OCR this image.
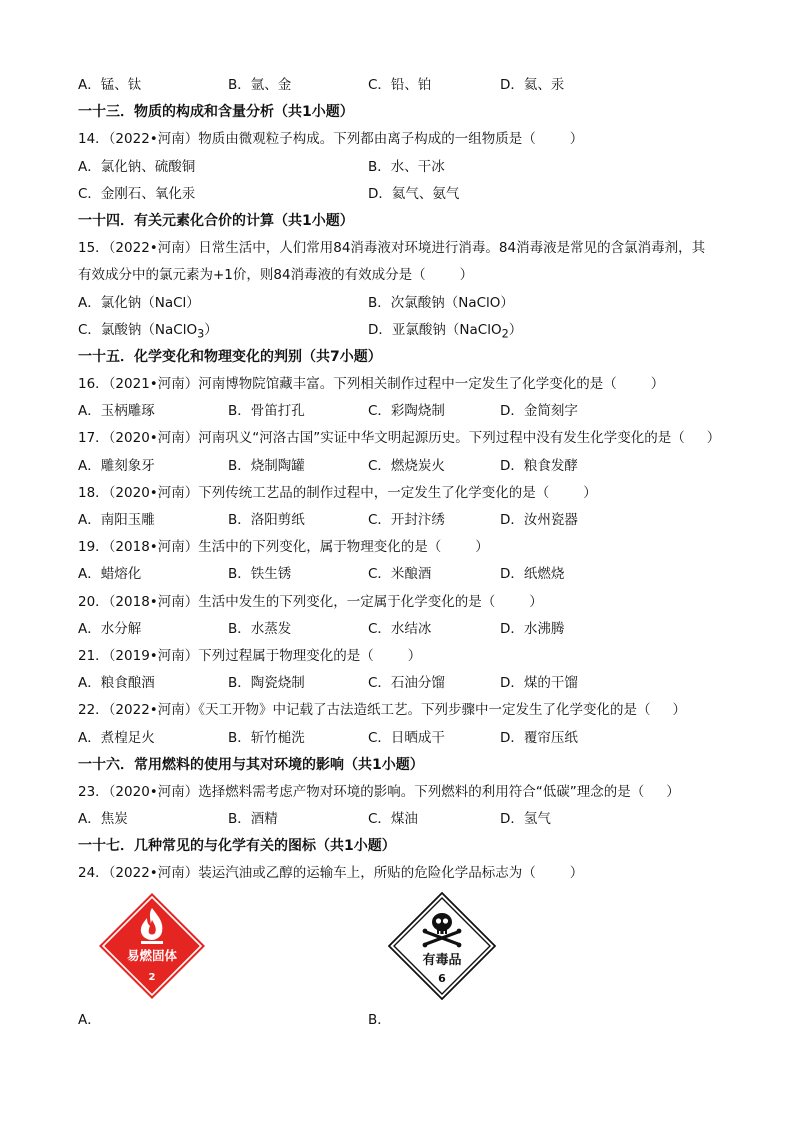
A．锰、钛	B．氩、金	C．铅、铂	D．氦、汞
一十三．物质的构成和含量分析（共1小题）
14．（2022•河南）物质由微观粒子构成。下列都由离子构成的一组物质是（	）
A．氯化钠、硫酸铜	B．水、干冰
C．金刚石、氧化汞	D．氦气、氨气
一十四．有关元素化合价的计算（共1小题）
15．（2022•河南）日常生活中，人们常用84消毒液对环境进行消毒。84消毒液是常见的含氯消毒剂，其
有效成分中的氯元素为+1价，则84消毒液的有效成分是（	）
A．氯化钠（NaCl）	B．次氯酸钠（NaClO）
C．氯酸钠（NaClO$_3$）	D．亚氯酸钠（NaClO$_2$）
一十五．化学变化和物理变化的判别（共7小题）
16．（2021•河南）河南博物院馆藏丰富。下列相关制作过程中一定发生了化学变化的是（	）
A．玉柄雕琢	B．骨笛打孔	C．彩陶烧制	D．金简刻字
17．（2020•河南）河南巩义“河洛古国”实证中华文明起源历史。下列过程中没有发生化学变化的是（ ）
A．雕刻象牙	B．烧制陶罐	C．燃烧炭火	D．粮食发酵
18．（2020•河南）下列传统工艺品的制作过程中，一定发生了化学变化的是（	）
A．南阳玉雕	B．洛阳剪纸	C．开封汴绣	D．汝州瓷器
19．（2018•河南）生活中的下列变化，属于物理变化的是（	）
A．蜡熔化	B．铁生锈	C．米酿酒	D．纸燃烧
20．（2018•河南）生活中发生的下列变化，一定属于化学变化的是（	）
A．水分解	B．水蒸发	C．水结冰	D．水沸腾
21．（2019•河南）下列过程属于物理变化的是（	）
A．粮食酿酒	B．陶瓷烧制	C．石油分馏	D．煤的干馏
22．（2022•河南）《天工开物》中记载了古法造纸工艺。下列步骤中一定发生了化学变化的是（ ）
A．煮楻足火	B．斩竹槌洗	C．日晒成干	D．覆帘压纸
一十六．常用燃料的使用与其对环境的影响（共1小题）
23．（2020•河南）选择燃料需考虑产物对环境的影响。下列燃料的利用符合“低碳”理念的是（ ）
A．焦炭	B．酒精	C．煤油	D．氢气
一十七．几种常见的与化学有关的图标（共1小题）
24．（2022•河南）装运汽油或乙醇的运输车上，所贴的危险化学品标志为（	）
易燃固体
2
有毒品
6
A．	B．
